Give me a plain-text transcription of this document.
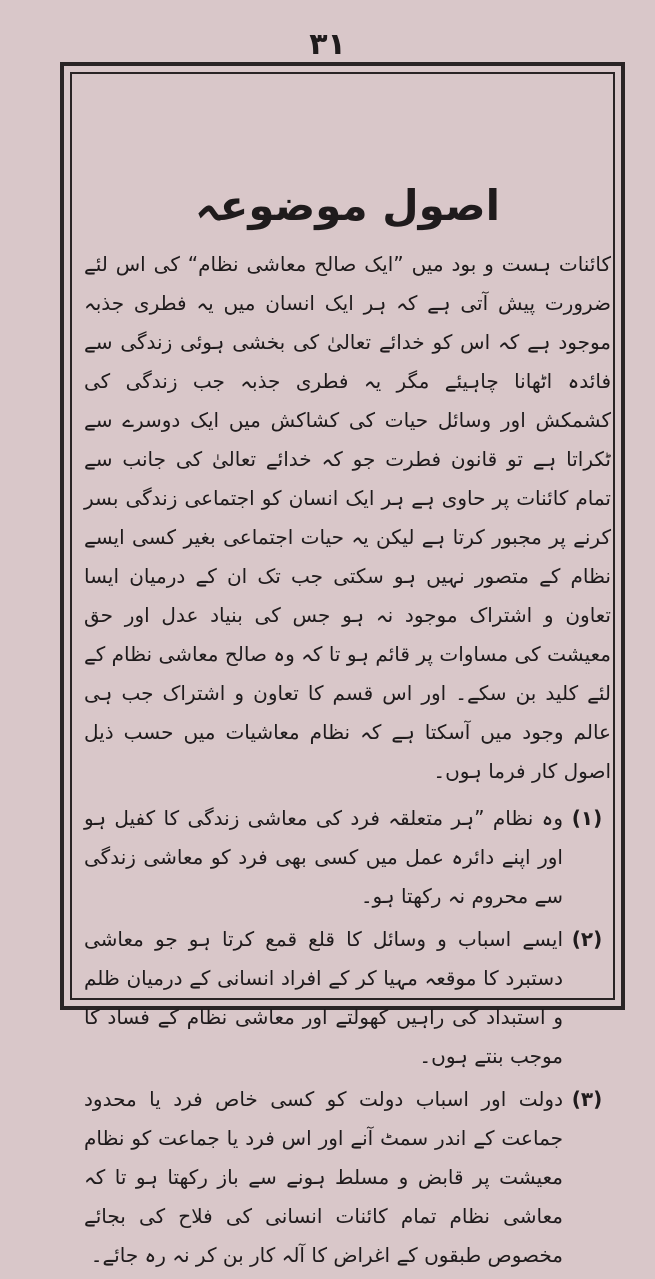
۳۱
اصول موضوعہ

کائنات ہست و بود میں ”ایک صالح معاشی نظام“ کی اس لئے ضرورت پیش آتی ہے کہ ہر ایک انسان میں یہ فطری جذبہ موجود ہے کہ اس کو خدائے تعالیٰ کی بخشی ہوئی زندگی سے فائدہ اٹھانا چاہیئے مگر یہ فطری جذبہ جب زندگی کی کشمکش اور وسائل حیات کی کشاکش میں ایک دوسرے سے ٹکراتا ہے تو قانون فطرت جو کہ خدائے تعالیٰ کی جانب سے تمام کائنات پر حاوی ہے ہر ایک انسان کو اجتماعی زندگی بسر کرنے پر مجبور کرتا ہے لیکن یہ حیات اجتماعی بغیر کسی ایسے نظام کے متصور نہیں ہو سکتی جب تک ان کے درمیان ایسا تعاون و اشتراک موجود نہ ہو جس کی بنیاد عدل اور حق معیشت کی مساوات پر قائم ہو تا کہ وہ صالح معاشی نظام کے لئے کلید بن سکے۔ اور اس قسم کا تعاون و اشتراک جب ہی عالم وجود میں آسکتا ہے کہ نظام معاشیات میں حسب ذیل اصول کار فرما ہوں۔

(۱)
وہ نظام ”ہر متعلقہ فرد کی معاشی زندگی کا کفیل ہو اور اپنے دائرہ عمل میں کسی بھی فرد کو معاشی زندگی سے محروم نہ رکھتا ہو۔
(۲)
ایسے اسباب و وسائل کا قلع قمع کرتا ہو جو معاشی دستبرد کا موقعہ مہیا کر کے افراد انسانی کے درمیان ظلم و استبداد کی راہیں کھولتے اور معاشی نظام کے فساد کا موجب بنتے ہوں۔
(۳)
دولت اور اسباب دولت کو کسی خاص فرد یا محدود جماعت کے اندر سمٹ آنے اور اس فرد یا جماعت کو نظام معیشت پر قابض و مسلط ہونے سے باز رکھتا ہو تا کہ معاشی نظام تمام کائنات انسانی کی فلاح کی بجائے مخصوص طبقوں کے اغراض کا آلہ کار بن کر نہ رہ جائے۔
